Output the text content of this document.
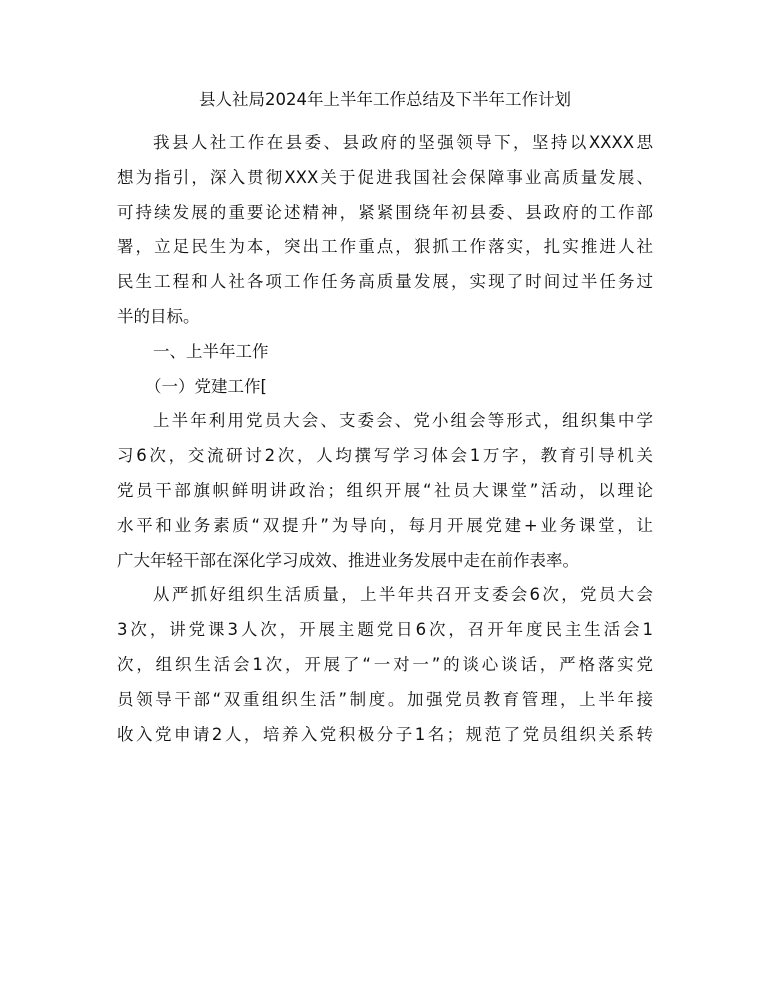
县人社局2024年上半年工作总结及下半年工作计划

我县人社工作在县委、县政府的坚强领导下，坚持以XXXX思
想为指引，深入贯彻XXX关于促进我国社会保障事业高质量发展、
可持续发展的重要论述精神，紧紧围绕年初县委、县政府的工作部
署，立足民生为本，突出工作重点，狠抓工作落实，扎实推进人社
民生工程和人社各项工作任务高质量发展，实现了时间过半任务过
半的目标。

一、上半年工作

（一）党建工作[

上半年利用党员大会、支委会、党小组会等形式，组织集中学
习6次，交流研讨2次，人均撰写学习体会1万字，教育引导机关
党员干部旗帜鲜明讲政治；组织开展“社员大课堂”活动，以理论
水平和业务素质“双提升”为导向，每月开展党建+业务课堂，让
广大年轻干部在深化学习成效、推进业务发展中走在前作表率。

从严抓好组织生活质量，上半年共召开支委会6次，党员大会
3次，讲党课3人次，开展主题党日6次，召开年度民主生活会1
次，组织生活会1次，开展了“一对一”的谈心谈话，严格落实党
员领导干部“双重组织生活”制度。加强党员教育管理，上半年接
收入党申请2人，培养入党积极分子1名；规范了党员组织关系转
